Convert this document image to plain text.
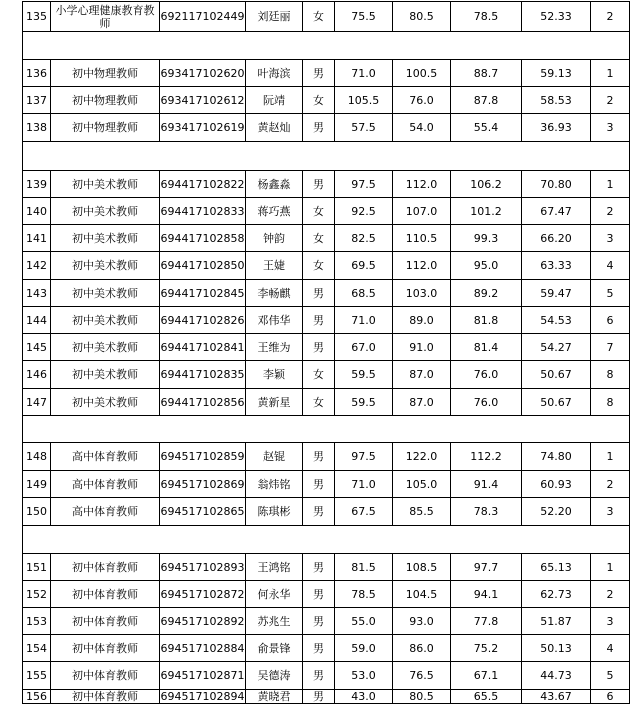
135	小学心理健康教育教师	692117102449	刘廷丽	女	75.5	80.5	78.5	52.33	2

136	初中物理教师	693417102620	叶海滨	男	71.0	100.5	88.7	59.13	1
137	初中物理教师	693417102612	阮靖	女	105.5	76.0	87.8	58.53	2
138	初中物理教师	693417102619	黄赵灿	男	57.5	54.0	55.4	36.93	3

139	初中美术教师	694417102822	杨鑫淼	男	97.5	112.0	106.2	70.80	1
140	初中美术教师	694417102833	蒋巧燕	女	92.5	107.0	101.2	67.47	2
141	初中美术教师	694417102858	钟韵	女	82.5	110.5	99.3	66.20	3
142	初中美术教师	694417102850	王婕	女	69.5	112.0	95.0	63.33	4
143	初中美术教师	694417102845	李畅麒	男	68.5	103.0	89.2	59.47	5
144	初中美术教师	694417102826	邓伟华	男	71.0	89.0	81.8	54.53	6
145	初中美术教师	694417102841	王维为	男	67.0	91.0	81.4	54.27	7
146	初中美术教师	694417102835	李颖	女	59.5	87.0	76.0	50.67	8
147	初中美术教师	694417102856	黄新星	女	59.5	87.0	76.0	50.67	8

148	高中体育教师	694517102859	赵锟	男	97.5	122.0	112.2	74.80	1
149	高中体育教师	694517102869	翁炜铭	男	71.0	105.0	91.4	60.93	2
150	高中体育教师	694517102865	陈琪彬	男	67.5	85.5	78.3	52.20	3

151	初中体育教师	694517102893	王鸿铭	男	81.5	108.5	97.7	65.13	1
152	初中体育教师	694517102872	何永华	男	78.5	104.5	94.1	62.73	2
153	初中体育教师	694517102892	苏兆生	男	55.0	93.0	77.8	51.87	3
154	初中体育教师	694517102884	俞景锋	男	59.0	86.0	75.2	50.13	4
155	初中体育教师	694517102871	吴德涛	男	53.0	76.5	67.1	44.73	5
156	初中体育教师	694517102894	黄晓君	男	43.0	80.5	65.5	43.67	6
